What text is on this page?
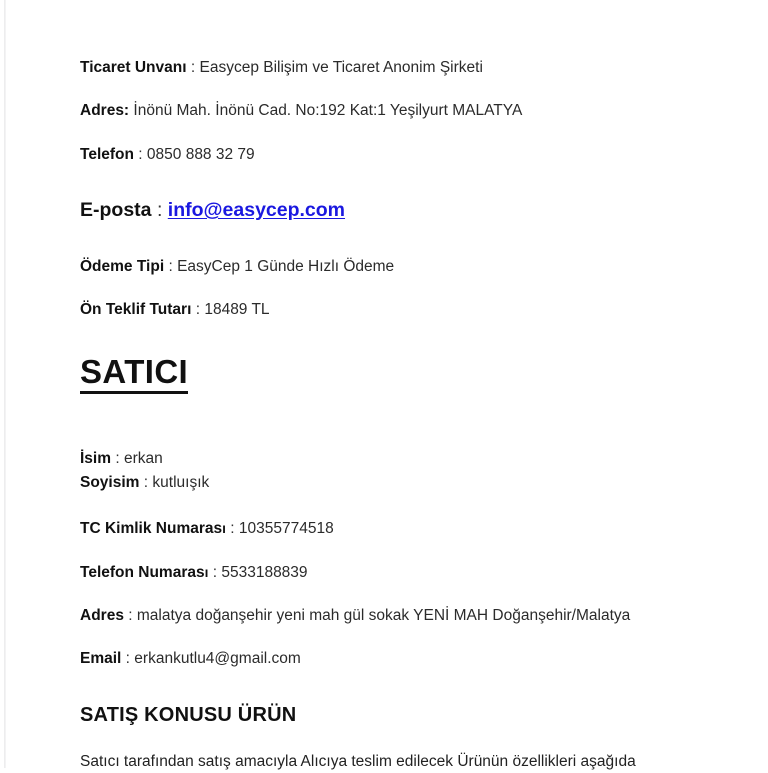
Ticaret Unvanı : Easycep Bilişim ve Ticaret Anonim Şirketi
Adres: İnönü Mah. İnönü Cad. No:192 Kat:1 Yeşilyurt MALATYA
Telefon : 0850 888 32 79
E-posta : info@easycep.com
Ödeme Tipi : EasyCep 1 Günde Hızlı Ödeme
Ön Teklif Tutarı : 18489 TL
SATICI
İsim : erkan
Soyisim : kutluışık
TC Kimlik Numarası : 10355774518
Telefon Numarası : 5533188839
Adres : malatya doğanşehir yeni mah gül sokak YENİ MAH Doğanşehir/Malatya
Email : erkankutlu4@gmail.com
SATIŞ KONUSU ÜRÜN
Satıcı tarafından satış amacıyla Alıcıya teslim edilecek Ürünün özellikleri aşağıda
